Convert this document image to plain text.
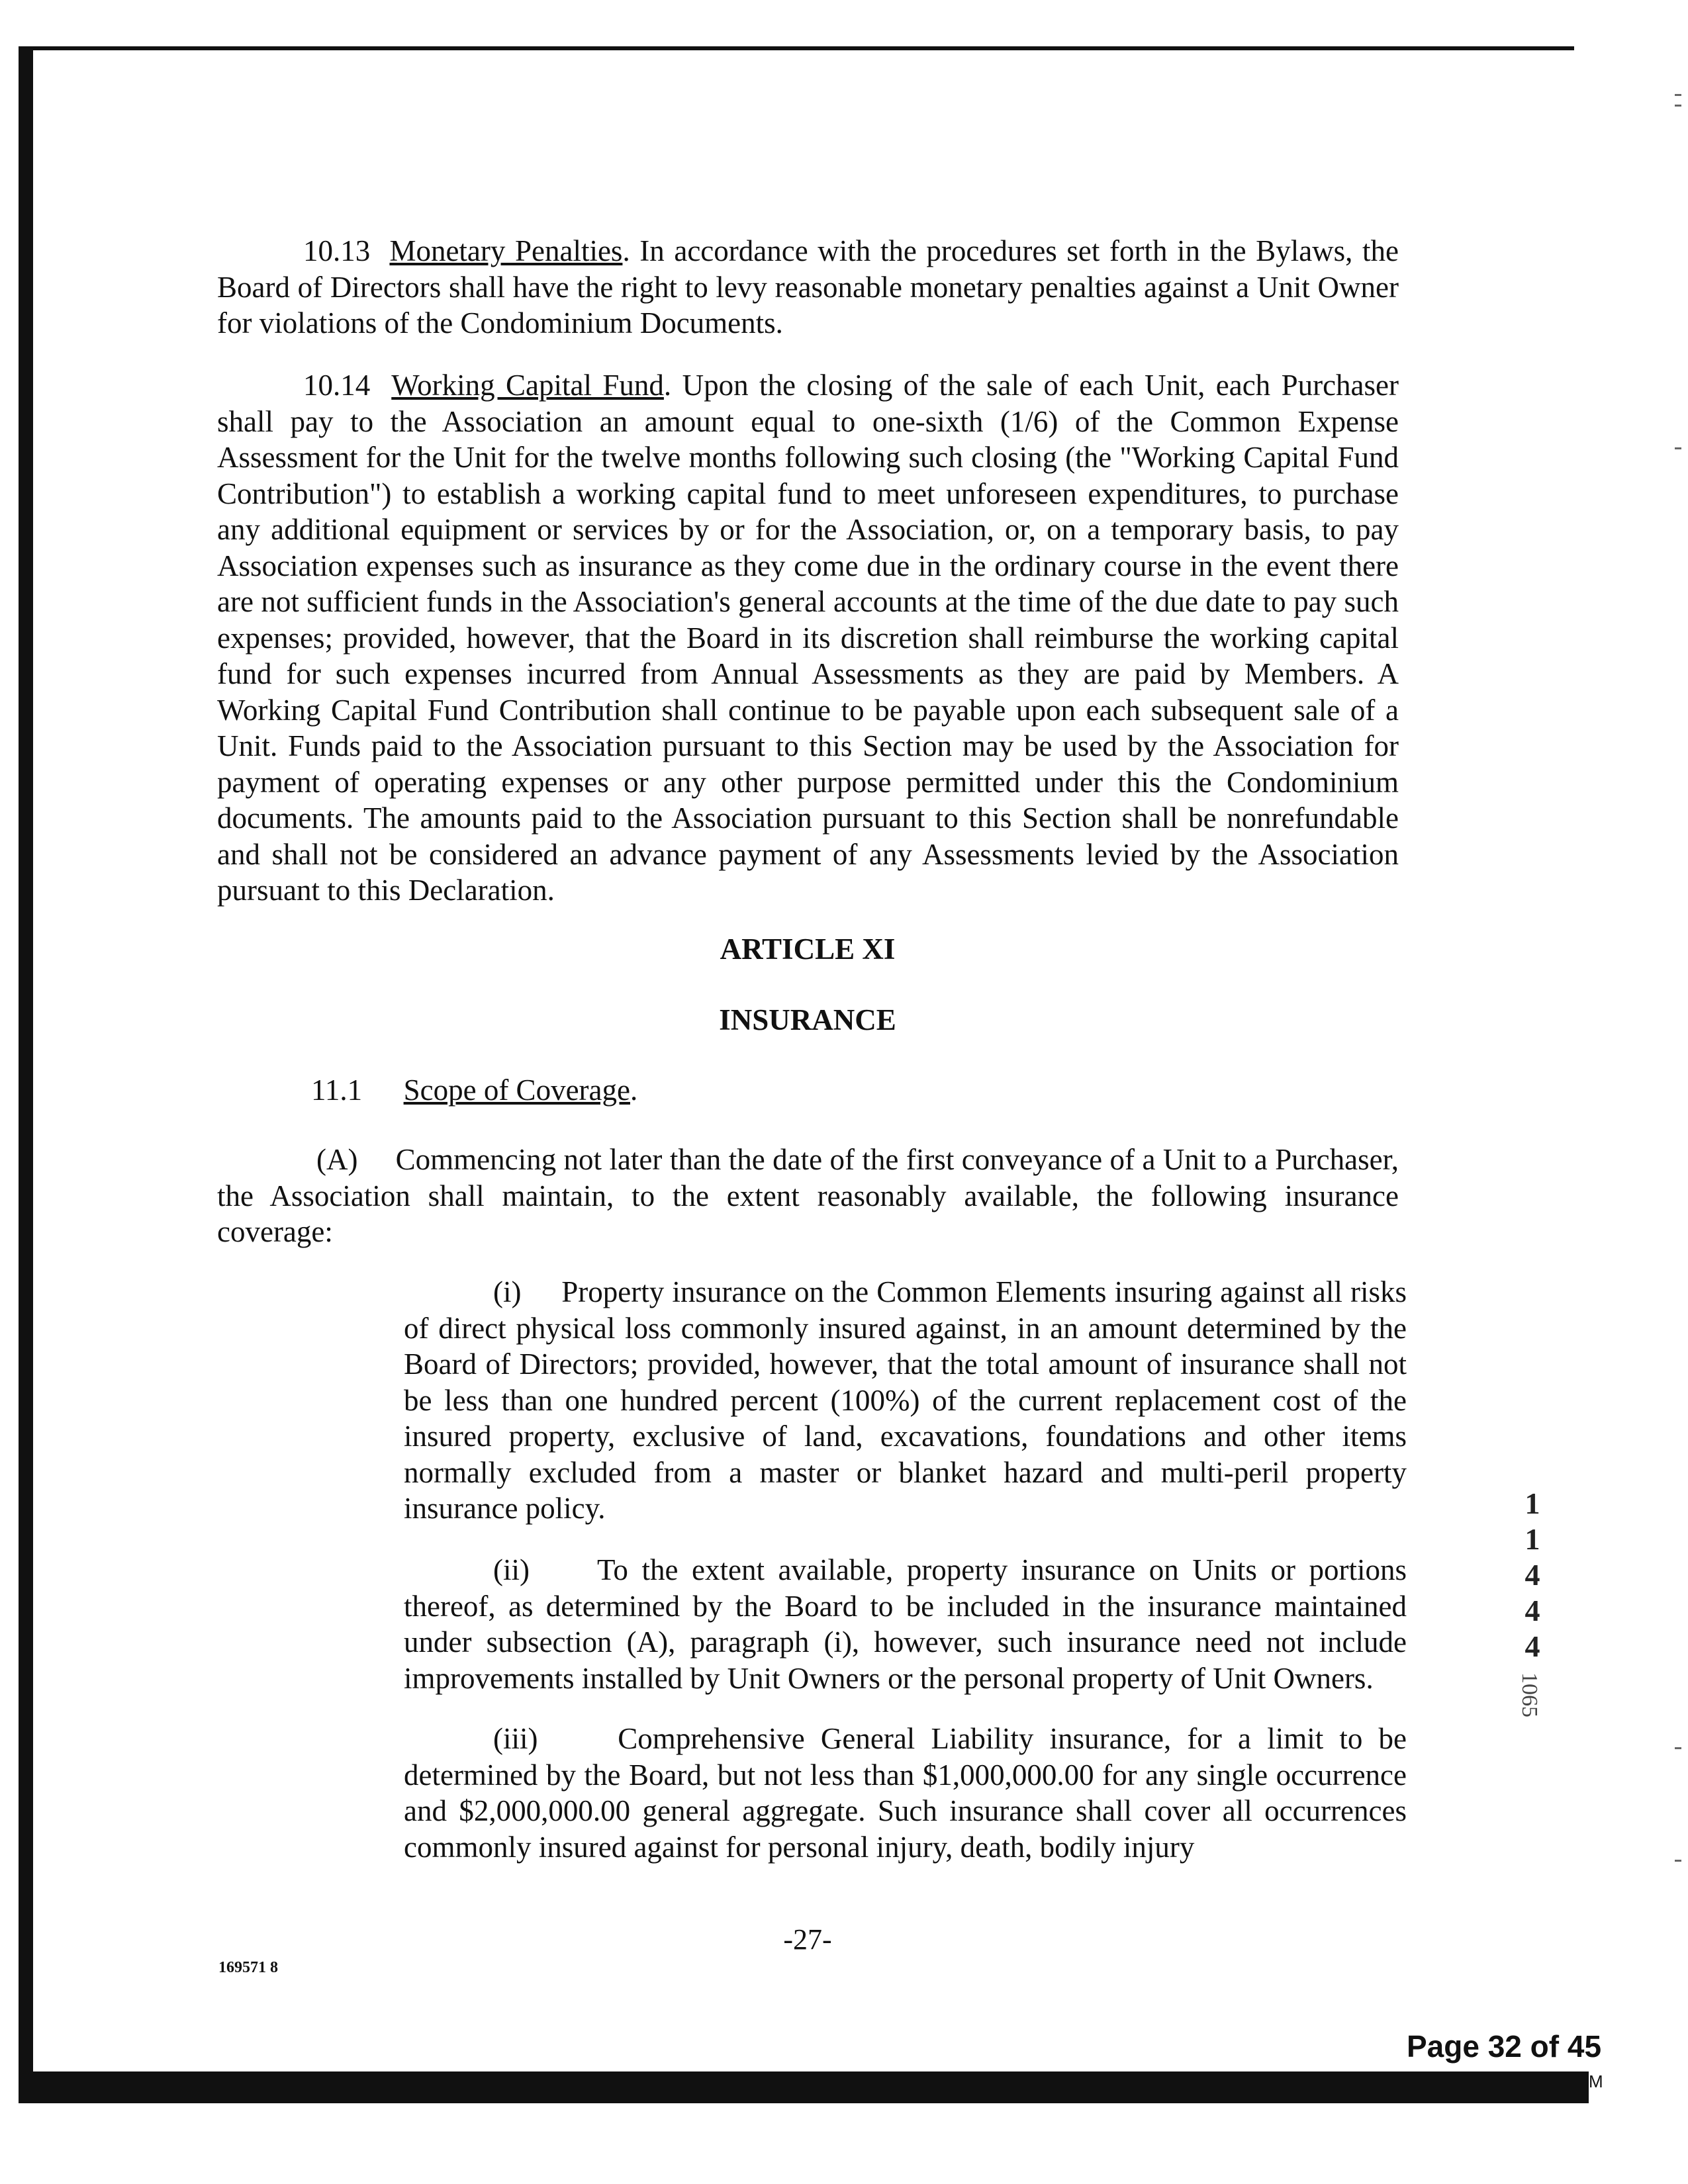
M

10.13 Monetary Penalties. In accordance with the procedures set forth in the Bylaws, the Board of Directors shall have the right to levy reasonable monetary penalties against a Unit Owner for violations of the Condominium Documents.

10.14 Working Capital Fund. Upon the closing of the sale of each Unit, each Purchaser shall pay to the Association an amount equal to one-sixth (1/6) of the Common Expense Assessment for the Unit for the twelve months following such closing (the "Working Capital Fund Contribution") to establish a working capital fund to meet unforeseen expenditures, to purchase any additional equipment or services by or for the Association, or, on a temporary basis, to pay Association expenses such as insurance as they come due in the ordinary course in the event there are not sufficient funds in the Association's general accounts at the time of the due date to pay such expenses; provided, however, that the Board in its discretion shall reimburse the working capital fund for such expenses incurred from Annual Assessments as they are paid by Members. A Working Capital Fund Contribution shall continue to be payable upon each subsequent sale of a Unit. Funds paid to the Association pursuant to this Section may be used by the Association for payment of operating expenses or any other purpose permitted under this the Condominium documents. The amounts paid to the Association pursuant to this Section shall be nonrefundable and shall not be considered an advance payment of any Assessments levied by the Association pursuant to this Declaration.

ARTICLE XI
INSURANCE
11.1 Scope of Coverage.

(A) Commencing not later than the date of the first conveyance of a Unit to a Purchaser, the Association shall maintain, to the extent reasonably available, the following insurance coverage:

(i) Property insurance on the Common Elements insuring against all risks of direct physical loss commonly insured against, in an amount determined by the Board of Directors; provided, however, that the total amount of insurance shall not be less than one hundred percent (100%) of the current replacement cost of the insured property, exclusive of land, excavations, foundations and other items normally excluded from a master or blanket hazard and multi-peril property insurance policy.

(ii) To the extent available, property insurance on Units or portions thereof, as determined by the Board to be included in the insurance maintained under subsection (A), paragraph (i), however, such insurance need not include improvements installed by Unit Owners or the personal property of Unit Owners.

(iii)	Comprehensive General Liability insurance, for a limit to be determined by the Board, but not less than $1,000,000.00 for any single occurrence and $2,000,000.00 general aggregate. Such insurance shall cover all occurrences commonly insured against for personal injury, death, bodily injury

11444
1065
-27-
169571 8
Page 32 of 45
